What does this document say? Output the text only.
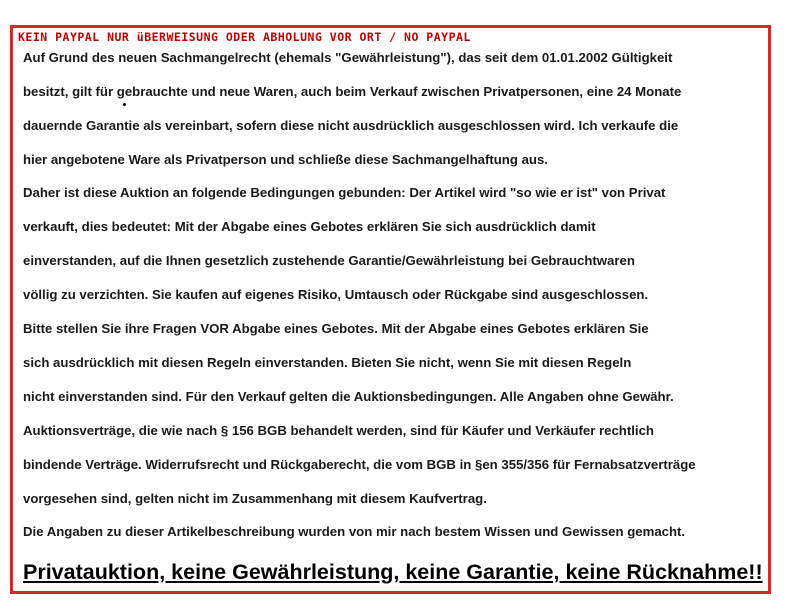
KEIN PAYPAL NUR üBERWEISUNG ODER ABHOLUNG VOR ORT / NO PAYPAL
Auf Grund des neuen Sachmangelrecht (ehemals "Gewährleistung"), das seit dem 01.01.2002 Gültigkeit
besitzt, gilt für gebrauchte und neue Waren, auch beim Verkauf zwischen Privatpersonen, eine 24 Monate
dauernde Garantie als vereinbart, sofern diese nicht ausdrücklich ausgeschlossen wird. Ich verkaufe die
hier angebotene Ware als Privatperson und schließe diese Sachmangelhaftung aus.
Daher ist diese Auktion an folgende Bedingungen gebunden: Der Artikel wird "so wie er ist" von Privat
verkauft, dies bedeutet: Mit der Abgabe eines Gebotes erklären Sie sich ausdrücklich damit
einverstanden, auf die Ihnen gesetzlich zustehende Garantie/Gewährleistung bei Gebrauchtwaren
völlig zu verzichten. Sie kaufen auf eigenes Risiko, Umtausch oder Rückgabe sind ausgeschlossen.
Bitte stellen Sie ihre Fragen VOR Abgabe eines Gebotes. Mit der Abgabe eines Gebotes erklären Sie
sich ausdrücklich mit diesen Regeln einverstanden. Bieten Sie nicht, wenn Sie mit diesen Regeln
nicht einverstanden sind. Für den Verkauf gelten die Auktionsbedingungen. Alle Angaben ohne Gewähr.
Auktionsverträge, die wie nach § 156 BGB behandelt werden, sind für Käufer und Verkäufer rechtlich
bindende Verträge. Widerrufsrecht und Rückgaberecht, die vom BGB in §en 355/356 für Fernabsatzverträge
vorgesehen sind, gelten nicht im Zusammenhang mit diesem Kaufvertrag.
Die Angaben zu dieser Artikelbeschreibung wurden von mir nach bestem Wissen und Gewissen gemacht.
Privatauktion, keine Gewährleistung, keine Garantie, keine Rücknahme!!
